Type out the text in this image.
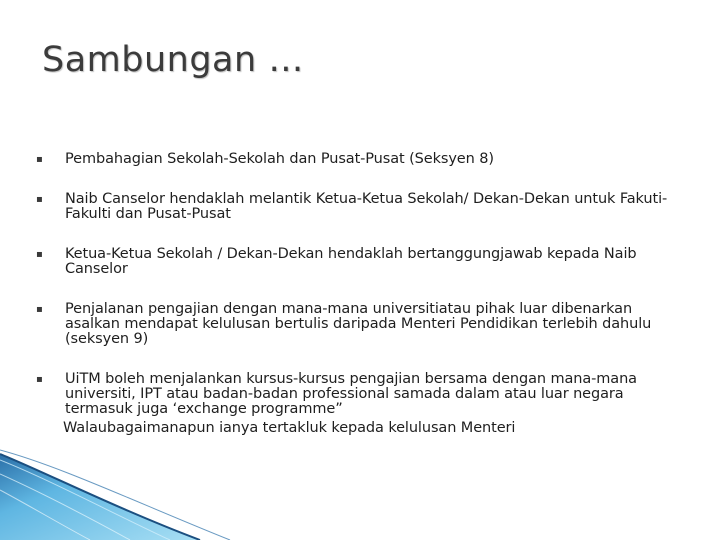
Sambungan …
▪ Pembahagian Sekolah-Sekolah dan Pusat-Pusat (Seksyen 8)
▪ Naib Canselor hendaklah melantik Ketua-Ketua Sekolah/ Dekan-Dekan untuk Fakuti-Fakulti dan Pusat-Pusat
▪ Ketua-Ketua Sekolah / Dekan-Dekan hendaklah bertanggungjawab kepada Naib Canselor
▪ Penjalanan pengajian dengan mana-mana universitiatau pihak luar dibenarkan asalkan mendapat kelulusan bertulis daripada Menteri Pendidikan terlebih dahulu (seksyen 9)
▪ UiTM boleh menjalankan kursus-kursus pengajian bersama dengan mana-mana universiti, IPT atau badan-badan professional samada dalam atau luar negara termasuk juga ‘exchange programme”
Walaubagaimanapun ianya tertakluk kepada kelulusan Menteri
